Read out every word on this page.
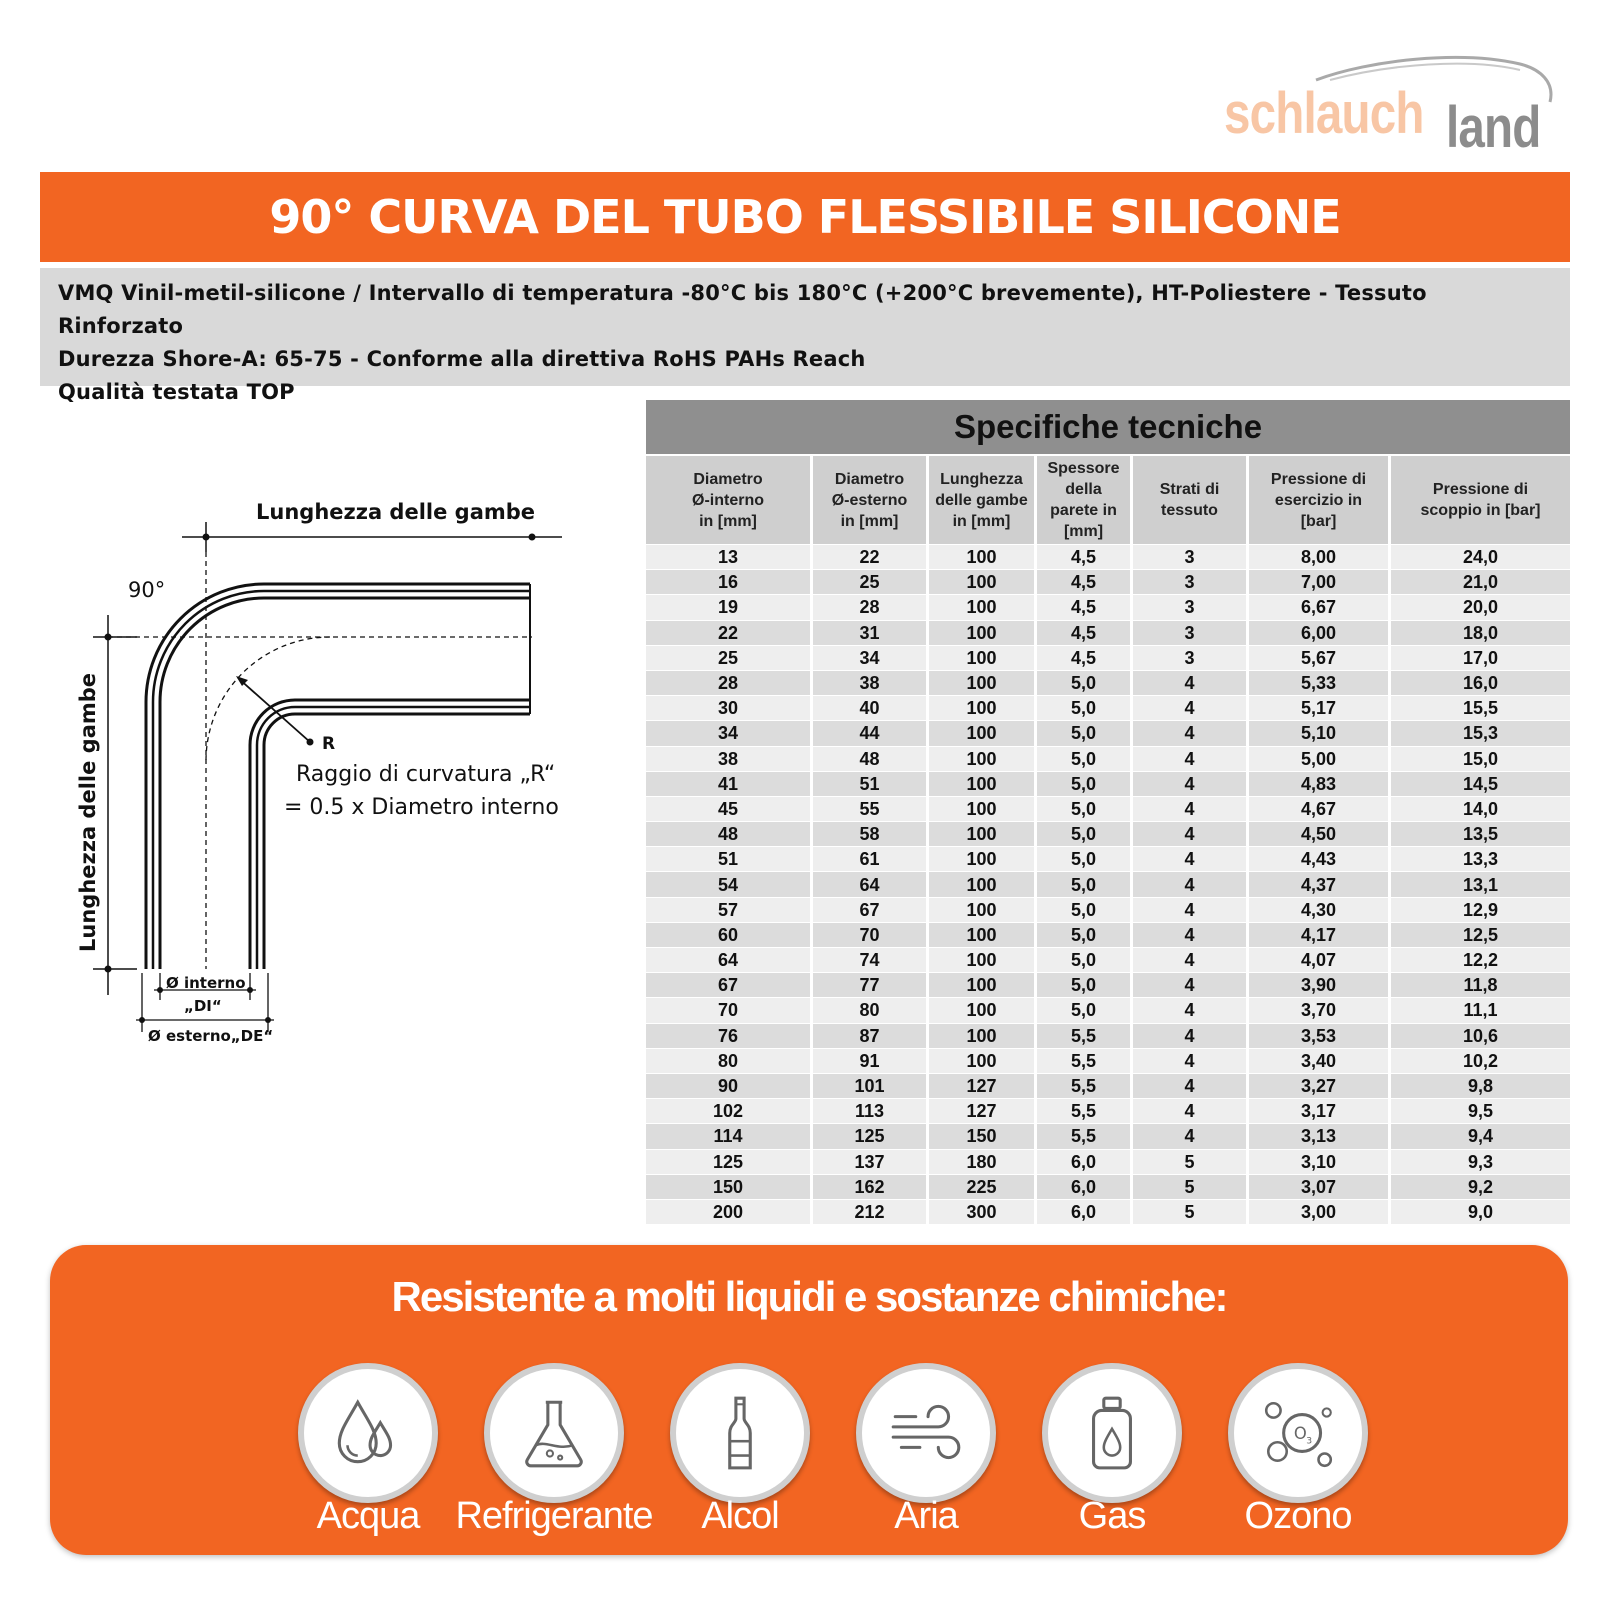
schlauch land
90° CURVA DEL TUBO FLESSIBILE SILICONE

VMQ Vinil-metil-silicone / Intervallo di temperatura -80°C bis 180°C (+200°C brevemente), HT-Poliestere - Tessuto Rinforzato

Durezza Shore-A: 65-75 - Conforme alla direttiva RoHS PAHs Reach

Qualità testata TOP

Lunghezza delle gambe
Lunghezza delle gambe
90°
R
Raggio di curvatura „R“
= 0.5 x Diametro interno
Ø interno
„DI“
Ø esterno„DE“
Specifiche tecniche
Diametro
Ø-interno
in [mm]	Diametro
Ø-esterno
in [mm]	Lunghezza
delle gambe
in [mm]	Spessore
della
parete in
[mm]	Strati di
tessuto	Pressione di
esercizio in
[bar]	Pressione di
scoppio in [bar]
13	22	100	4,5	3	8,00	24,0
16	25	100	4,5	3	7,00	21,0
19	28	100	4,5	3	6,67	20,0
22	31	100	4,5	3	6,00	18,0
25	34	100	4,5	3	5,67	17,0
28	38	100	5,0	4	5,33	16,0
30	40	100	5,0	4	5,17	15,5
34	44	100	5,0	4	5,10	15,3
38	48	100	5,0	4	5,00	15,0
41	51	100	5,0	4	4,83	14,5
45	55	100	5,0	4	4,67	14,0
48	58	100	5,0	4	4,50	13,5
51	61	100	5,0	4	4,43	13,3
54	64	100	5,0	4	4,37	13,1
57	67	100	5,0	4	4,30	12,9
60	70	100	5,0	4	4,17	12,5
64	74	100	5,0	4	4,07	12,2
67	77	100	5,0	4	3,90	11,8
70	80	100	5,0	4	3,70	11,1
76	87	100	5,5	4	3,53	10,6
80	91	100	5,5	4	3,40	10,2
90	101	127	5,5	4	3,27	9,8
102	113	127	5,5	4	3,17	9,5
114	125	150	5,5	4	3,13	9,4
125	137	180	6,0	5	3,10	9,3
150	162	225	6,0	5	3,07	9,2
200	212	300	6,0	5	3,00	9,0
Resistente a molti liquidi e sostanze chimiche:
Acqua Refrigerante	Alcol	Aria	Gas
O 3
Ozono
